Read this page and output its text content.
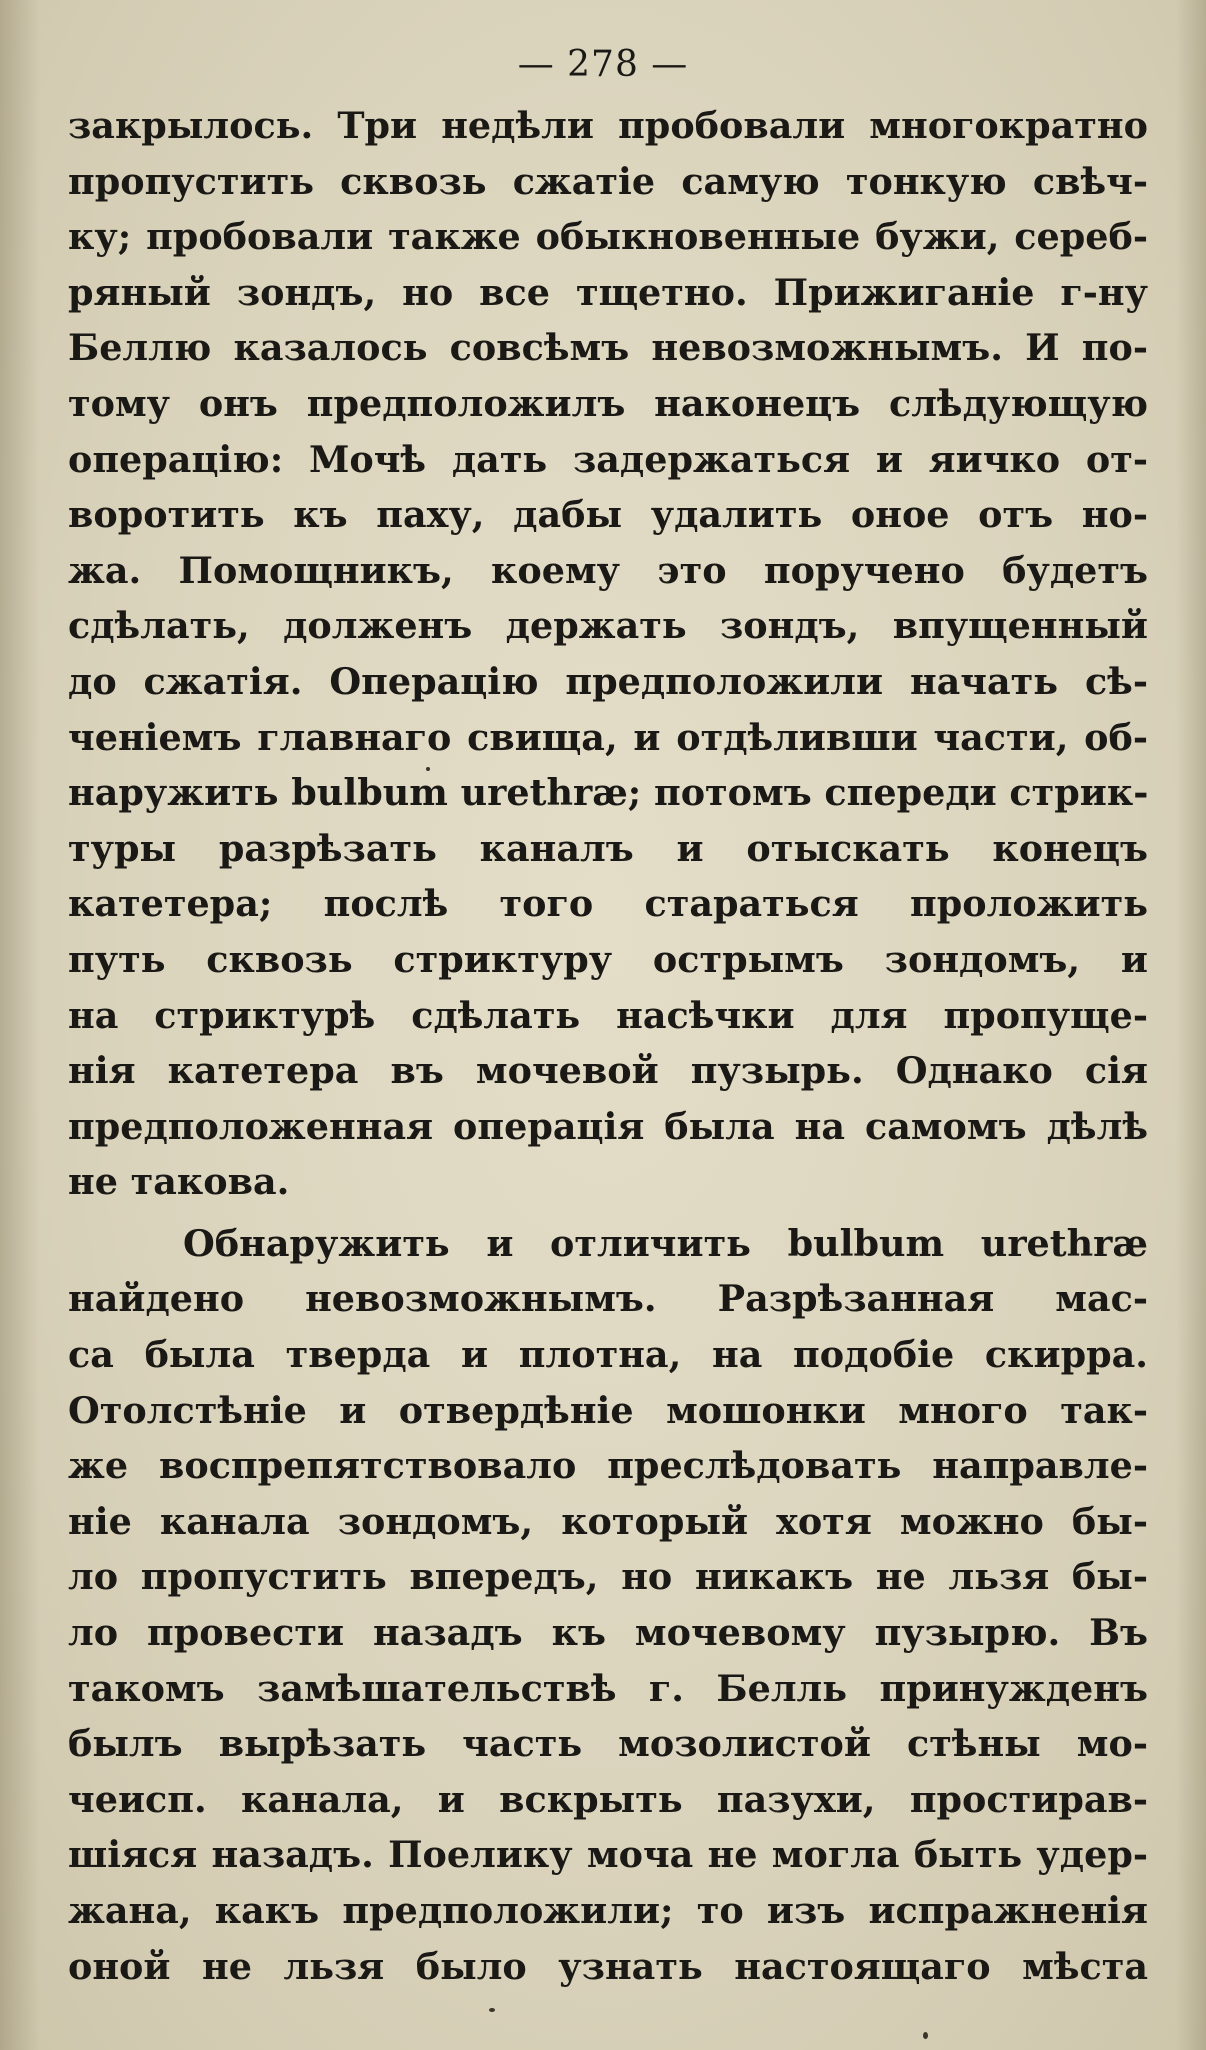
— 278 —
закрылось. Три недѣли пробовали многократно
пропустить сквозь сжатіе самую тонкую свѣч-
ку; пробовали также обыкновенные бужи, сереб-
ряный зондъ, но все тщетно. Прижиганіе г-ну
Беллю казалось совсѣмъ невозможнымъ. И по-
тому онъ предположилъ наконецъ слѣдующую
операцію: Мочѣ дать задержаться и яичко от-
воротить къ паху, дабы удалить оное отъ но-
жа. Помощникъ, коему это поручено будетъ
сдѣлать, долженъ держать зондъ, впущенный
до сжатія. Операцію предположили начать сѣ-
ченіемъ главнаго свища, и отдѣливши части, об-
наружить bulbum urethræ; потомъ спереди стрик-
туры разрѣзать каналъ и отыскать конецъ
катетера; послѣ того стараться проложить
путь сквозь стриктуру острымъ зондомъ, и
на стриктурѣ сдѣлать насѣчки для пропуще-
нія катетера въ мочевой пузырь. Однако сія
предположенная операція была на самомъ дѣлѣ
не такова.
Обнаружить и отличить bulbum urethræ
найдено невозможнымъ. Разрѣзанная мас-
са была тверда и плотна, на подобіе скирра.
Отолстѣніе и отвердѣніе мошонки много так-
же воспрепятствовало преслѣдовать направле-
ніе канала зондомъ, который хотя можно бы-
ло пропустить впередъ, но никакъ не льзя бы-
ло провести назадъ къ мочевому пузырю. Въ
такомъ замѣшательствѣ г. Белль принужденъ
былъ вырѣзать часть мозолистой стѣны мо-
чеисп. канала, и вскрыть пазухи, простирав-
шіяся назадъ. Поелику моча не могла быть удер-
жана, какъ предположили; то изъ испражненія
оной не льзя было узнать настоящаго мѣста
